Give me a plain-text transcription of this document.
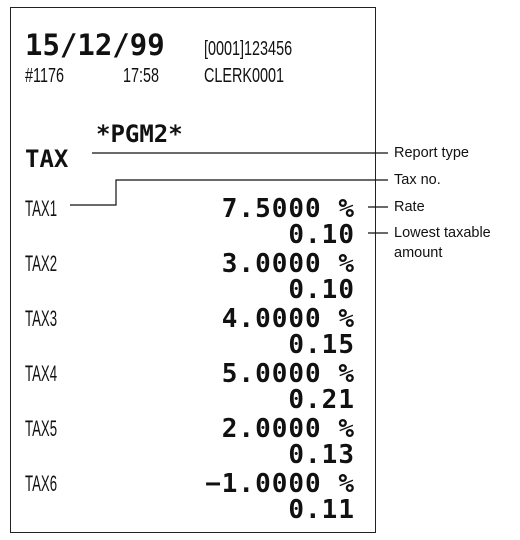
15/12/99 [0001]123456
#1176	17:58 CLERK0001
*PGM2*
TAX
TAX1	7.5000 %
0.10
TAX2	3.0000 %
0.10
TAX3	4.0000 %
0.15
TAX4	5.0000 %
0.21
TAX5	2.0000 %
0.13
TAX6	−1.0000 %
0.11
Report type
Tax no.
Rate
Lowest taxable
amount
